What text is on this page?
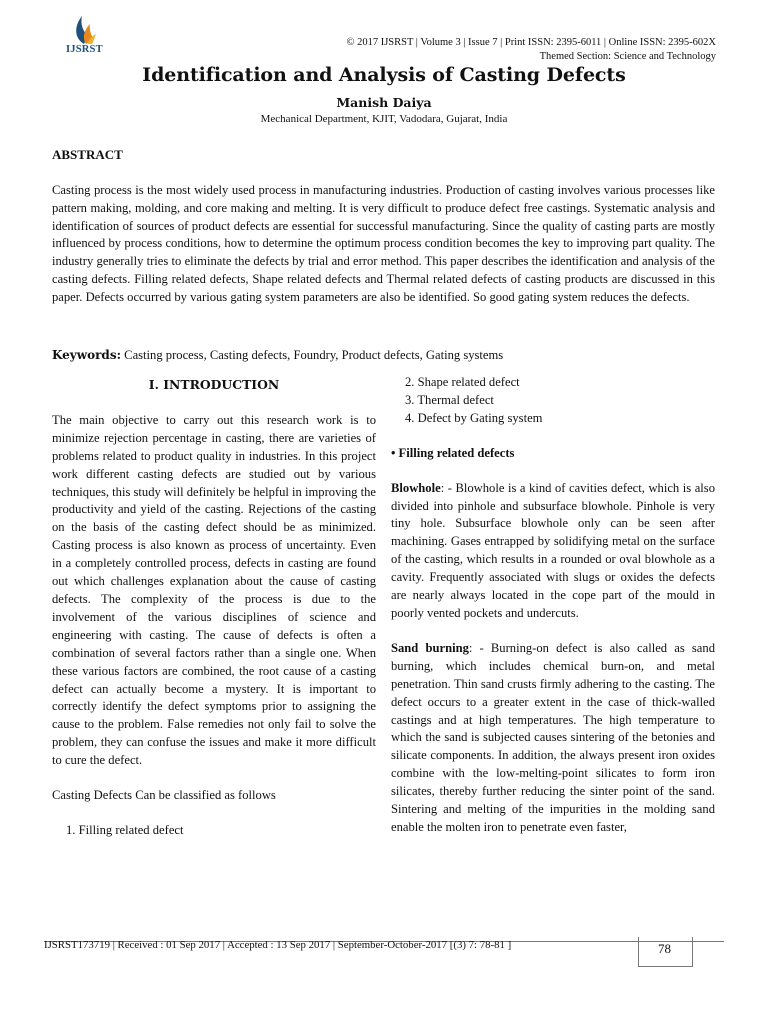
IJSRST
© 2017 IJSRST | Volume 3 | Issue 7 | Print ISSN: 2395-6011 | Online ISSN: 2395-602X
Themed Section: Science and Technology
Identification and Analysis of Casting Defects
Manish Daiya
Mechanical Department, KJIT, Vadodara, Gujarat, India
ABSTRACT

Casting process is the most widely used process in manufacturing industries. Production of casting involves various processes like pattern making, molding, and core making and melting. It is very difficult to produce defect free castings. Systematic analysis and identification of sources of product defects are essential for successful manufacturing. Since the quality of casting parts are mostly influenced by process conditions, how to determine the optimum process condition becomes the key to improving part quality. The industry generally tries to eliminate the defects by trial and error method. This paper describes the identification and analysis of the casting defects. Filling related defects, Shape related defects and Thermal related defects of casting products are discussed in this paper. Defects occurred by various gating system parameters are also be identified. So good gating system reduces the defects.

Keywords: Casting process, Casting defects, Foundry, Product defects, Gating systems
I. INTRODUCTION

The main objective to carry out this research work is to minimize rejection percentage in casting, there are varieties of problems related to product quality in industries. In this project work different casting defects are studied out by various techniques, this study will definitely be helpful in improving the productivity and yield of the casting. Rejections of the casting on the basis of the casting defect should be as minimized. Casting process is also known as process of uncertainty. Even in a completely controlled process, defects in casting are found out which challenges explanation about the cause of casting defects. The complexity of the process is due to the involvement of the various disciplines of science and engineering with casting. The cause of defects is often a combination of several factors rather than a single one. When these various factors are combined, the root cause of a casting defect can actually become a mystery. It is important to correctly identify the defect symptoms prior to assigning the cause to the problem. False remedies not only fail to solve the problem, they can confuse the issues and make it more difficult to cure the defect.

Casting Defects Can be classified as follows

1. Filling related defect

2. Shape related defect
3. Thermal defect
4. Defect by Gating system
• Filling related defects

Blowhole: - Blowhole is a kind of cavities defect, which is also divided into pinhole and subsurface blowhole. Pinhole is very tiny hole. Subsurface blowhole only can be seen after machining. Gases entrapped by solidifying metal on the surface of the casting, which results in a rounded or oval blowhole as a cavity. Frequently associated with slugs or oxides the defects are nearly always located in the cope part of the mould in poorly vented pockets and undercuts.

Sand burning: - Burning-on defect is also called as sand burning, which includes chemical burn-on, and metal penetration. Thin sand crusts firmly adhering to the casting. The defect occurs to a greater extent in the case of thick-walled castings and at high temperatures. The high temperature to which the sand is subjected causes sintering of the betonies and silicate components. In addition, the always present iron oxides combine with the low-melting-point silicates to form iron silicates, thereby further reducing the sinter point of the sand. Sintering and melting of the impurities in the molding sand enable the molten iron to penetrate even faster,

IJSRST173719 | Received : 01 Sep 2017 | Accepted : 13 Sep 2017 | September-October-2017 [(3) 7: 78-81 ]	78
